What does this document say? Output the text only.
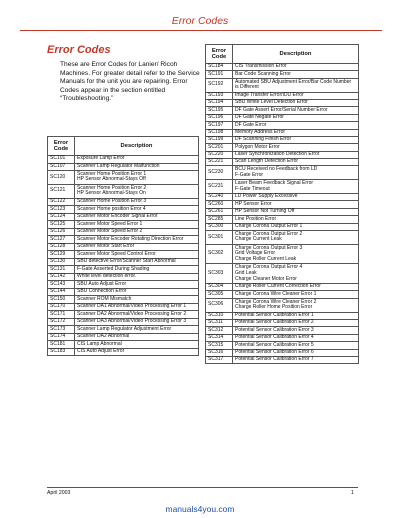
Error Codes
Error Codes
These are Error Codes for Lanier/ Ricoh Machines. For greater detail refer to the Service Manuals for the unit you are repairing. Error Codes appear in the section entitled “Troubleshooting.”
Error Code	Description
SC101	Exposure Lamp Error
SC107	Scanner Lamp Regulator Malfunction
SC120	Scanner Home Position Error 1
HP Sensor Abnormal-Stays Off
SC121	Scanner Home Position Error 2
HP Sensor Abnormal-Stays On
SC122	Scanner Home Position Error 3
SC123	Scanner Home position Error 4
SC124	Scanner Motor Encoder Signal Error
SC125	Scanner Motor Speed Error 1
SC126	Scanner Motor Speed Error 2
SC127	Scanner Motor Encoder Rotating Direction Error
SC128	Scanner Motor Start Error
SC129	Scanner Motor Speed Control Error
SC130	SBU detective Error/Scanner Start Abnormal
SC131	F-Gate Asserted During Shading
SC142	White level detection error.
SC143	SBU Auto Adjust Error
SC144	SBU Connection Error
SC150	Scanner ROM Mismatch
SC170	Scanner DA1 Abnormal/Video Processing Error 1
SC171	Scanner DA2 Abnormal/Video Processing Error 2
SC172	Scanner DA3 Abnormal/Video Processing Error 3
SC173	Scanner Lamp Regulator Adjustment Error
SC174	Scanner DA2 Abnormal
SC181	CIS Lamp Abnormal
SC183	CIS Auto Adjust Error
Error Code	Description
SC184	CIS Transmission Error
SC191	Bar Code Scanning Error
SC192	Automated SBU Adjustment Error/Bar Code Number is Different
SC193	Image Transfer Error/IDU Error
SC194	SBU White Level Detection Error
SC195	DF Gate Assert Error/Serial Number Error
SC196	DF Gate Negate Error
SC197	DF Gate Error
SC198	Memory Address Error
SC199	DF Scanning Finish Error
SC201	Polygon Motor Error
SC220	Laser Synchronization Detection Error
SC221	Scan Length Detection Error
SC230	BCU Received no Feedback from LD
F-Gate Error
SC231	Laser Beam Feedback Signal Error
F-Gate Timeout
SC240	LD Power Supply Excessive
SC260	HP Sensor Error
SC261	HP Sensor Not Turning Off
SC285	Line Position Error
SC300	Charge Corona Output Error 1
SC301	Charge Corona Output Error 2
Charge Current Leak
SC302	Charge Corona Output Error 3
Grid Voltage Error
Charge Roller Current Leak
SC303	Charge Corona Output Error 4
Grid Leak
Charge Cleaner Motor Error
SC304	Charge Roller Current Correction Error
SC305	Charge Corona Wire Cleaner Error 1
SC306	Charge Corona Wire Cleaner Error 2
Charge Roller Home Position Error
SC310	Potential Sensor Calibration Error 1
SC311	Potential Sensor Calibration Error 2
SC312	Potential Sensor Calibration Error 3
SC314	Potential Sensor Calibration Error 4
SC315	Potential Sensor Calibration Error 5
SC316	Potential Sensor Calibration Error 6
SC317	Potential Sensor Calibration Error 7
April 2003	1
manuals4you.com
